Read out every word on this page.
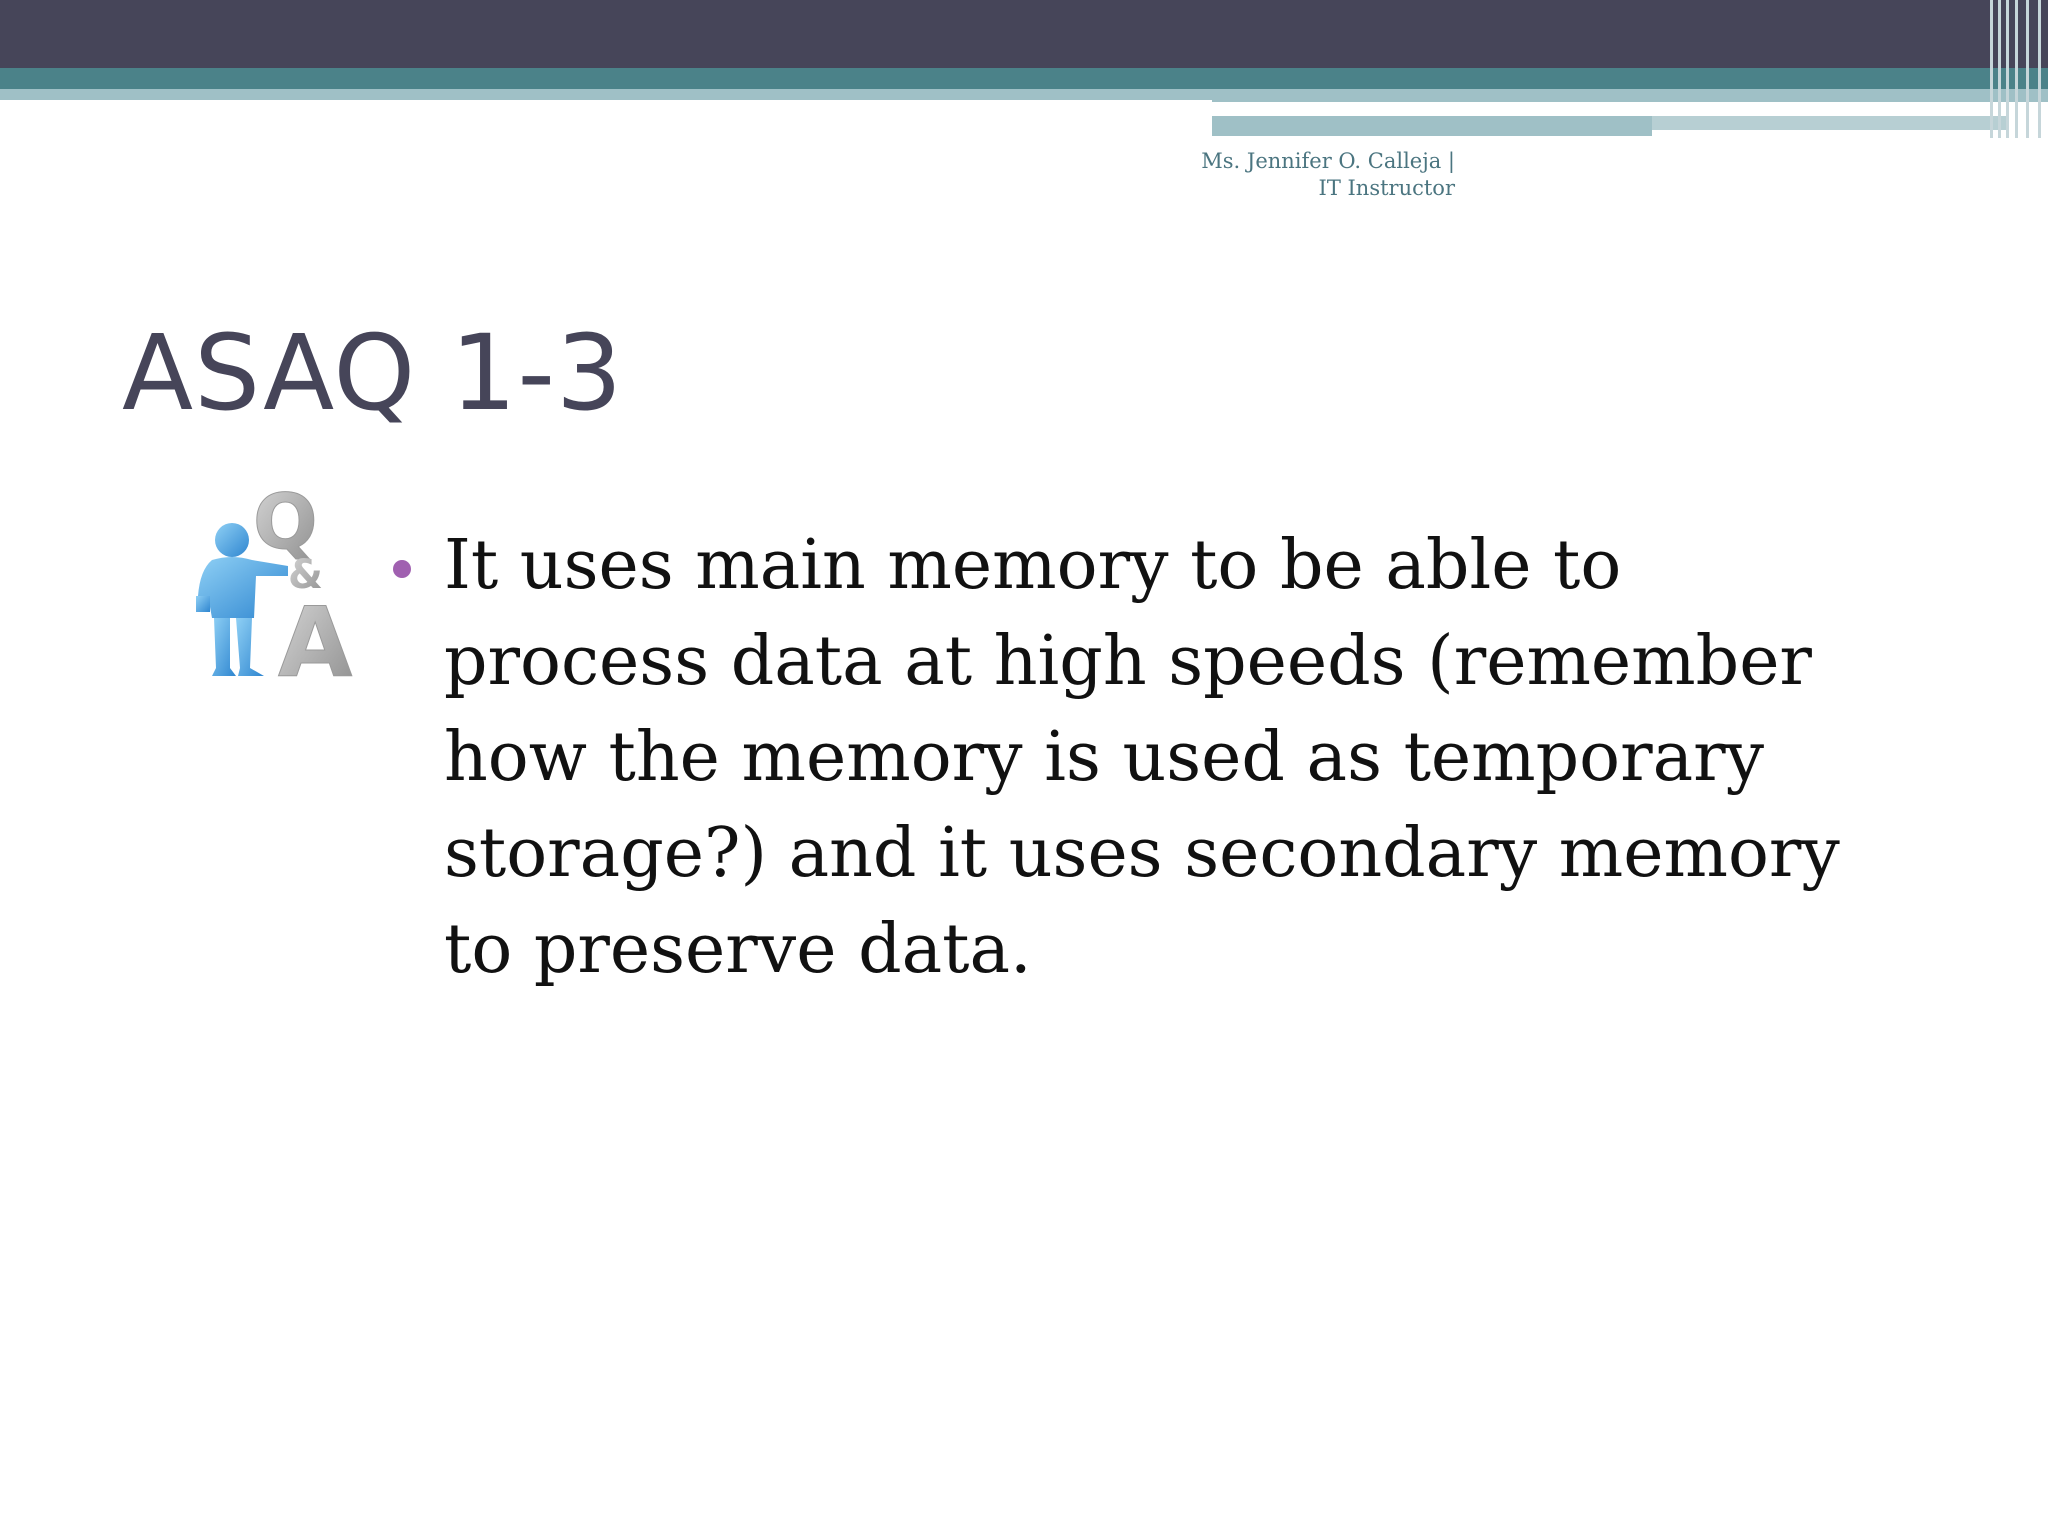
Ms. Jennifer O. Calleja |
IT Instructor
ASAQ 1-3
Q
&
A

It uses main memory to be able to process data at high speeds (remember how the memory is used as temporary storage?) and it uses secondary memory to preserve data.
